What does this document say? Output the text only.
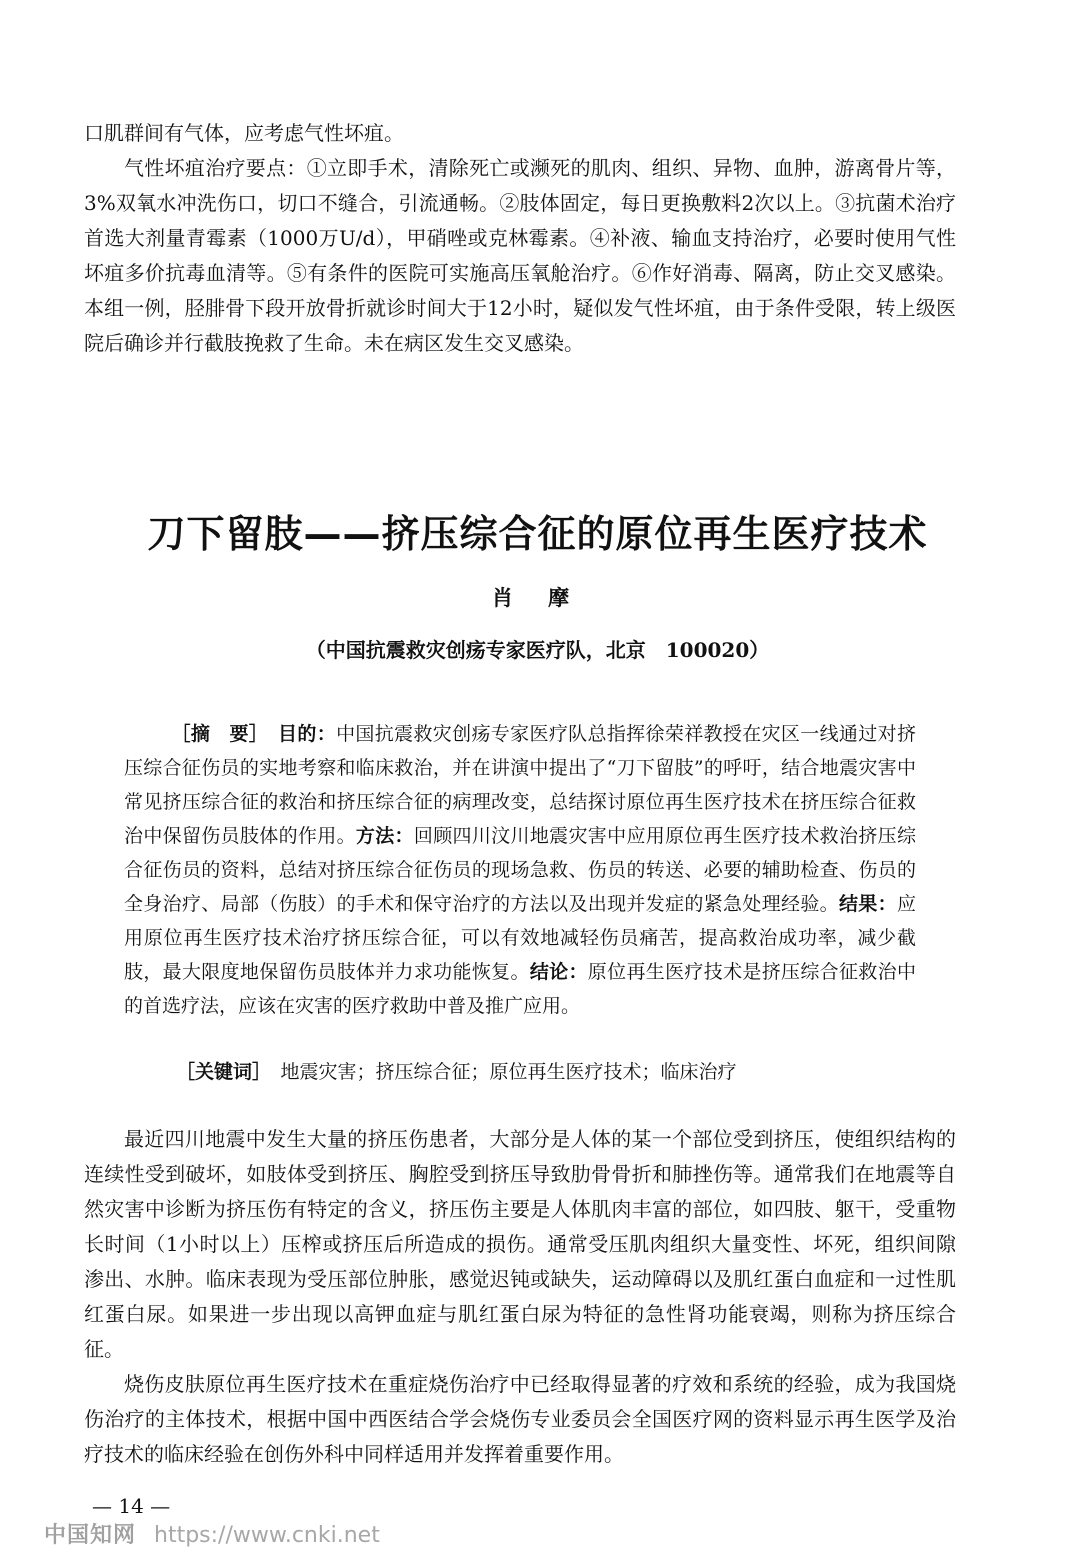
口肌群间有气体，应考虑气性坏疽。

气性坏疽治疗要点：①立即手术，清除死亡或濒死的肌肉、组织、异物、血肿，游离骨片等，3%双氧水冲洗伤口，切口不缝合，引流通畅。②肢体固定，每日更换敷料2次以上。③抗菌术治疗首选大剂量青霉素（1000万U/d），甲硝唑或克林霉素。④补液、输血支持治疗，必要时使用气性坏疽多价抗毒血清等。⑤有条件的医院可实施高压氧舱治疗。⑥作好消毒、隔离，防止交叉感染。本组一例，胫腓骨下段开放骨折就诊时间大于12小时，疑似发气性坏疽，由于条件受限，转上级医院后确诊并行截肢挽救了生命。未在病区发生交叉感染。

刀下留肢——挤压综合征的原位再生医疗技术
肖 摩
（中国抗震救灾创疡专家医疗队，北京　100020）

［摘　要］　 目的：中国抗震救灾创疡专家医疗队总指挥徐荣祥教授在灾区一线通过对挤压综合征伤员的实地考察和临床救治，并在讲演中提出了“刀下留肢”的呼吁，结合地震灾害中常见挤压综合征的救治和挤压综合征的病理改变，总结探讨原位再生医疗技术在挤压综合征救治中保留伤员肢体的作用。方法：回顾四川汶川地震灾害中应用原位再生医疗技术救治挤压综合征伤员的资料，总结对挤压综合征伤员的现场急救、伤员的转送、必要的辅助检查、伤员的全身治疗、局部（伤肢）的手术和保守治疗的方法以及出现并发症的紧急处理经验。结果：应用原位再生医疗技术治疗挤压综合征，可以有效地减轻伤员痛苦，提高救治成功率，减少截肢，最大限度地保留伤员肢体并力求功能恢复。结论：原位再生医疗技术是挤压综合征救治中的首选疗法，应该在灾害的医疗救助中普及推广应用。

［关键词］　 地震灾害；挤压综合征；原位再生医疗技术；临床治疗

最近四川地震中发生大量的挤压伤患者，大部分是人体的某一个部位受到挤压，使组织结构的连续性受到破坏，如肢体受到挤压、胸腔受到挤压导致肋骨骨折和肺挫伤等。通常我们在地震等自然灾害中诊断为挤压伤有特定的含义，挤压伤主要是人体肌肉丰富的部位，如四肢、躯干，受重物长时间（1小时以上）压榨或挤压后所造成的损伤。通常受压肌肉组织大量变性、坏死，组织间隙渗出、水肿。临床表现为受压部位肿胀，感觉迟钝或缺失，运动障碍以及肌红蛋白血症和一过性肌红蛋白尿。如果进一步出现以高钾血症与肌红蛋白尿为特征的急性肾功能衰竭，则称为挤压综合征。

烧伤皮肤原位再生医疗技术在重症烧伤治疗中已经取得显著的疗效和系统的经验，成为我国烧伤治疗的主体技术，根据中国中西医结合学会烧伤专业委员会全国医疗网的资料显示再生医学及治疗技术的临床经验在创伤外科中同样适用并发挥着重要作用。

— 14 —
中国知网 https://www.cnki.net
